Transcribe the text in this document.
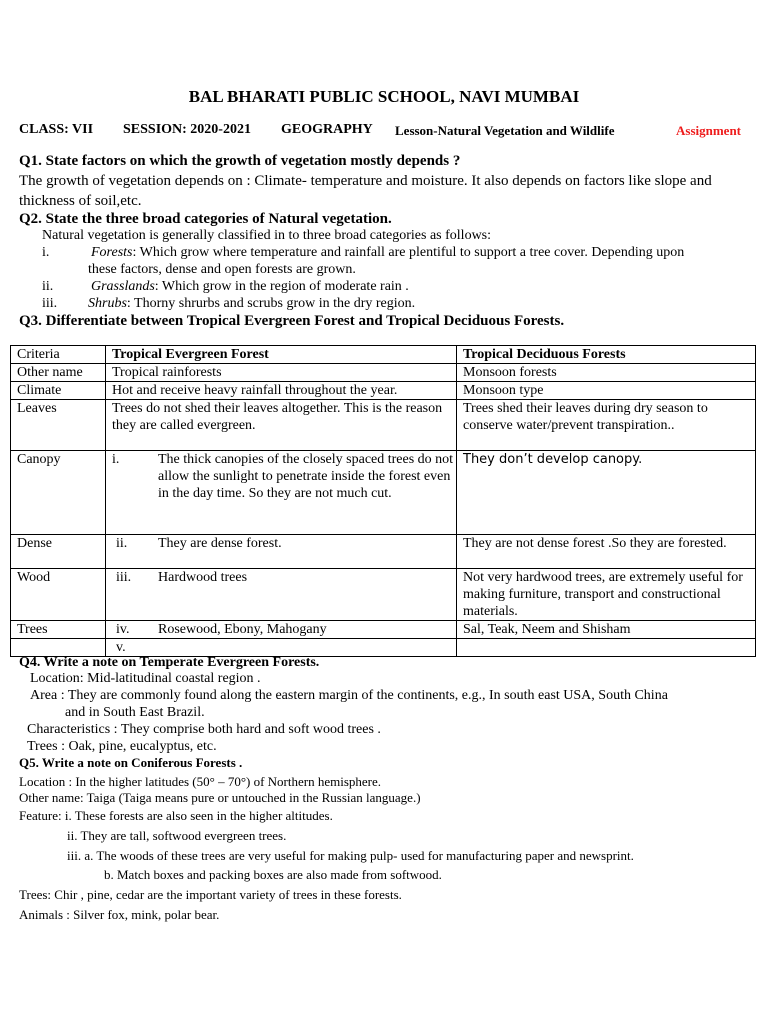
BAL BHARATI PUBLIC SCHOOL, NAVI MUMBAI
CLASS: VII SESSION: 2020-2021 GEOGRAPHY Lesson-Natural Vegetation and Wildlife	Assignment
Q1. State factors on which the growth of vegetation mostly depends ?
The growth of vegetation depends on : Climate- temperature and moisture. It also depends on factors like slope and
thickness of soil,etc.
Q2. State the three broad categories of Natural vegetation.
Natural vegetation is generally classified in to three broad categories as follows:
i.	Forests: Which grow where temperature and rainfall are plentiful to support a tree cover. Depending upon
these factors, dense and open forests are grown.
ii.	Grasslands: Which grow in the region of moderate rain .
iii. Shrubs: Thorny shrurbs and scrubs grow in the dry region.
Q3. Differentiate between Tropical Evergreen Forest and Tropical Deciduous Forests.
Criteria	Tropical Evergreen Forest	Tropical Deciduous Forests
Other name	Tropical rainforests	Monsoon forests
Climate	Hot and receive heavy rainfall throughout the year.	Monsoon type
Leaves	Trees do not shed their leaves altogether. This is the reason they are called evergreen.	Trees shed their leaves during dry season to conserve water/prevent transpiration..
Canopy	i. The thick canopies of the closely spaced trees do not allow the sunlight to penetrate inside the forest even in the day time. So they are not much cut.	They don’t develop canopy.
Dense	ii. They are dense forest.	They are not dense forest .So they are forested.
Wood	iii. Hardwood trees	Not very hardwood trees, are extremely useful for making furniture, transport and constructional materials.
Trees	iv. Rosewood, Ebony, Mahogany	Sal, Teak, Neem and Shisham
	v.	
Q4. Write a note on Temperate Evergreen Forests.
Location: Mid-latitudinal coastal region .
Area : They are commonly found along the eastern margin of the continents, e.g., In south east USA, South China
and in South East Brazil.
Characteristics : They comprise both hard and soft wood trees .
Trees : Oak, pine, eucalyptus, etc.
Q5. Write a note on Coniferous Forests .
Location : In the higher latitudes (50° – 70°) of Northern hemisphere.
Other name: Taiga (Taiga means pure or untouched in the Russian language.)
Feature: i. These forests are also seen in the higher altitudes.
ii. They are tall, softwood evergreen trees.
iii. a. The woods of these trees are very useful for making pulp- used for manufacturing paper and newsprint.
b. Match boxes and packing boxes are also made from softwood.
Trees: Chir , pine, cedar are the important variety of trees in these forests.
Animals : Silver fox, mink, polar bear.
